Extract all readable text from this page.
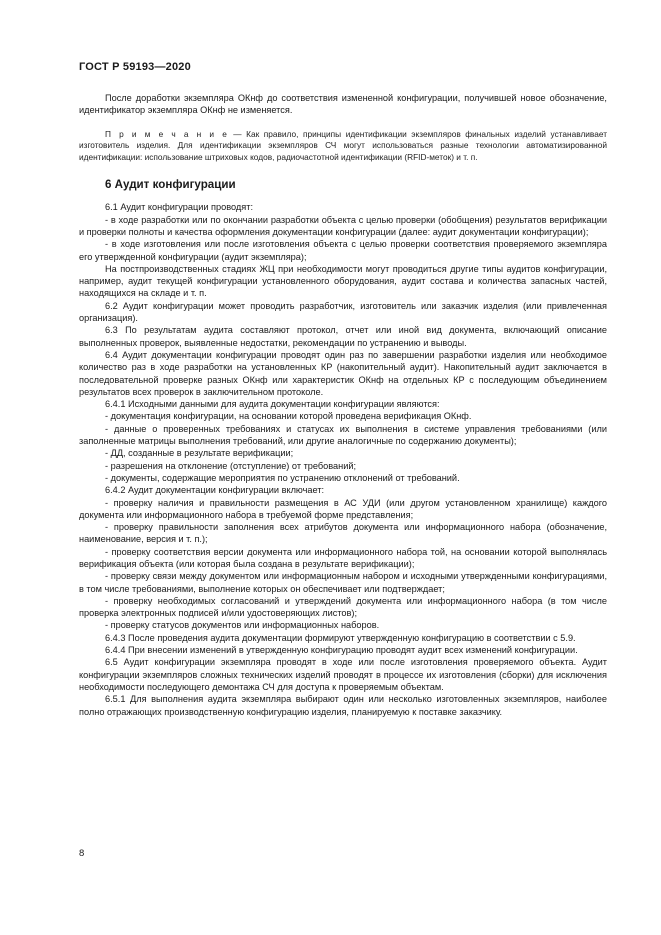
ГОСТ Р 59193—2020

После доработки экземпляра ОКнф до соответствия измененной конфигурации, получившей новое обозначение, идентификатор экземпляра ОКнф не изменяется.

П р и м е ч а н и е — Как правило, принципы идентификации экземпляров финальных изделий устанавливает изготовитель изделия. Для идентификации экземпляров СЧ могут использоваться разные технологии автоматизированной идентификации: использование штриховых кодов, радиочастотной идентификации (RFID-меток) и т. п.

6 Аудит конфигурации

6.1 Аудит конфигурации проводят:

- в ходе разработки или по окончании разработки объекта с целью проверки (обобщения) результатов верификации и проверки полноты и качества оформления документации конфигурации (далее: аудит документации конфигурации);

- в ходе изготовления или после изготовления объекта с целью проверки соответствия проверяемого экземпляра его утвержденной конфигурации (аудит экземпляра);

На постпроизводственных стадиях ЖЦ при необходимости могут проводиться другие типы аудитов конфигурации, например, аудит текущей конфигурации установленного оборудования, аудит состава и количества запасных частей, находящихся на складе и т. п.

6.2 Аудит конфигурации может проводить разработчик, изготовитель или заказчик изделия (или привлеченная организация).

6.3 По результатам аудита составляют протокол, отчет или иной вид документа, включающий описание выполненных проверок, выявленные недостатки, рекомендации по устранению и выводы.

6.4 Аудит документации конфигурации проводят один раз по завершении разработки изделия или необходимое количество раз в ходе разработки на установленных КР (накопительный аудит). Накопительный аудит заключается в последовательной проверке разных ОКнф или характеристик ОКнф на отдельных КР с последующим объединением результатов всех проверок в заключительном протоколе.

6.4.1 Исходными данными для аудита документации конфигурации являются:

- документация конфигурации, на основании которой проведена верификация ОКнф.

- данные о проверенных требованиях и статусах их выполнения в системе управления требованиями (или заполненные матрицы выполнения требований, или другие аналогичные по содержанию документы);

- ДД, созданные в результате верификации;

- разрешения на отклонение (отступление) от требований;

- документы, содержащие мероприятия по устранению отклонений от требований.

6.4.2 Аудит документации конфигурации включает:

- проверку наличия и правильности размещения в АС УДИ (или другом установленном хранилище) каждого документа или информационного набора в требуемой форме представления;

- проверку правильности заполнения всех атрибутов документа или информационного набора (обозначение, наименование, версия и т. п.);

- проверку соответствия версии документа или информационного набора той, на основании которой выполнялась верификация объекта (или которая была создана в результате верификации);

- проверку связи между документом или информационным набором и исходными утвержденными конфигурациями, в том числе требованиями, выполнение которых он обеспечивает или подтверждает;

- проверку необходимых согласований и утверждений документа или информационного набора (в том числе проверка электронных подписей и/или удостоверяющих листов);

- проверку статусов документов или информационных наборов.

6.4.3 После проведения аудита документации формируют утвержденную конфигурацию в соответствии с 5.9.

6.4.4 При внесении изменений в утвержденную конфигурацию проводят аудит всех изменений конфигурации.

6.5 Аудит конфигурации экземпляра проводят в ходе или после изготовления проверяемого объекта. Аудит конфигурации экземпляров сложных технических изделий проводят в процессе их изготовления (сборки) для исключения необходимости последующего демонтажа СЧ для доступа к проверяемым объектам.

6.5.1 Для выполнения аудита экземпляра выбирают один или несколько изготовленных экземпляров, наиболее полно отражающих производственную конфигурацию изделия, планируемую к поставке заказчику.

8
